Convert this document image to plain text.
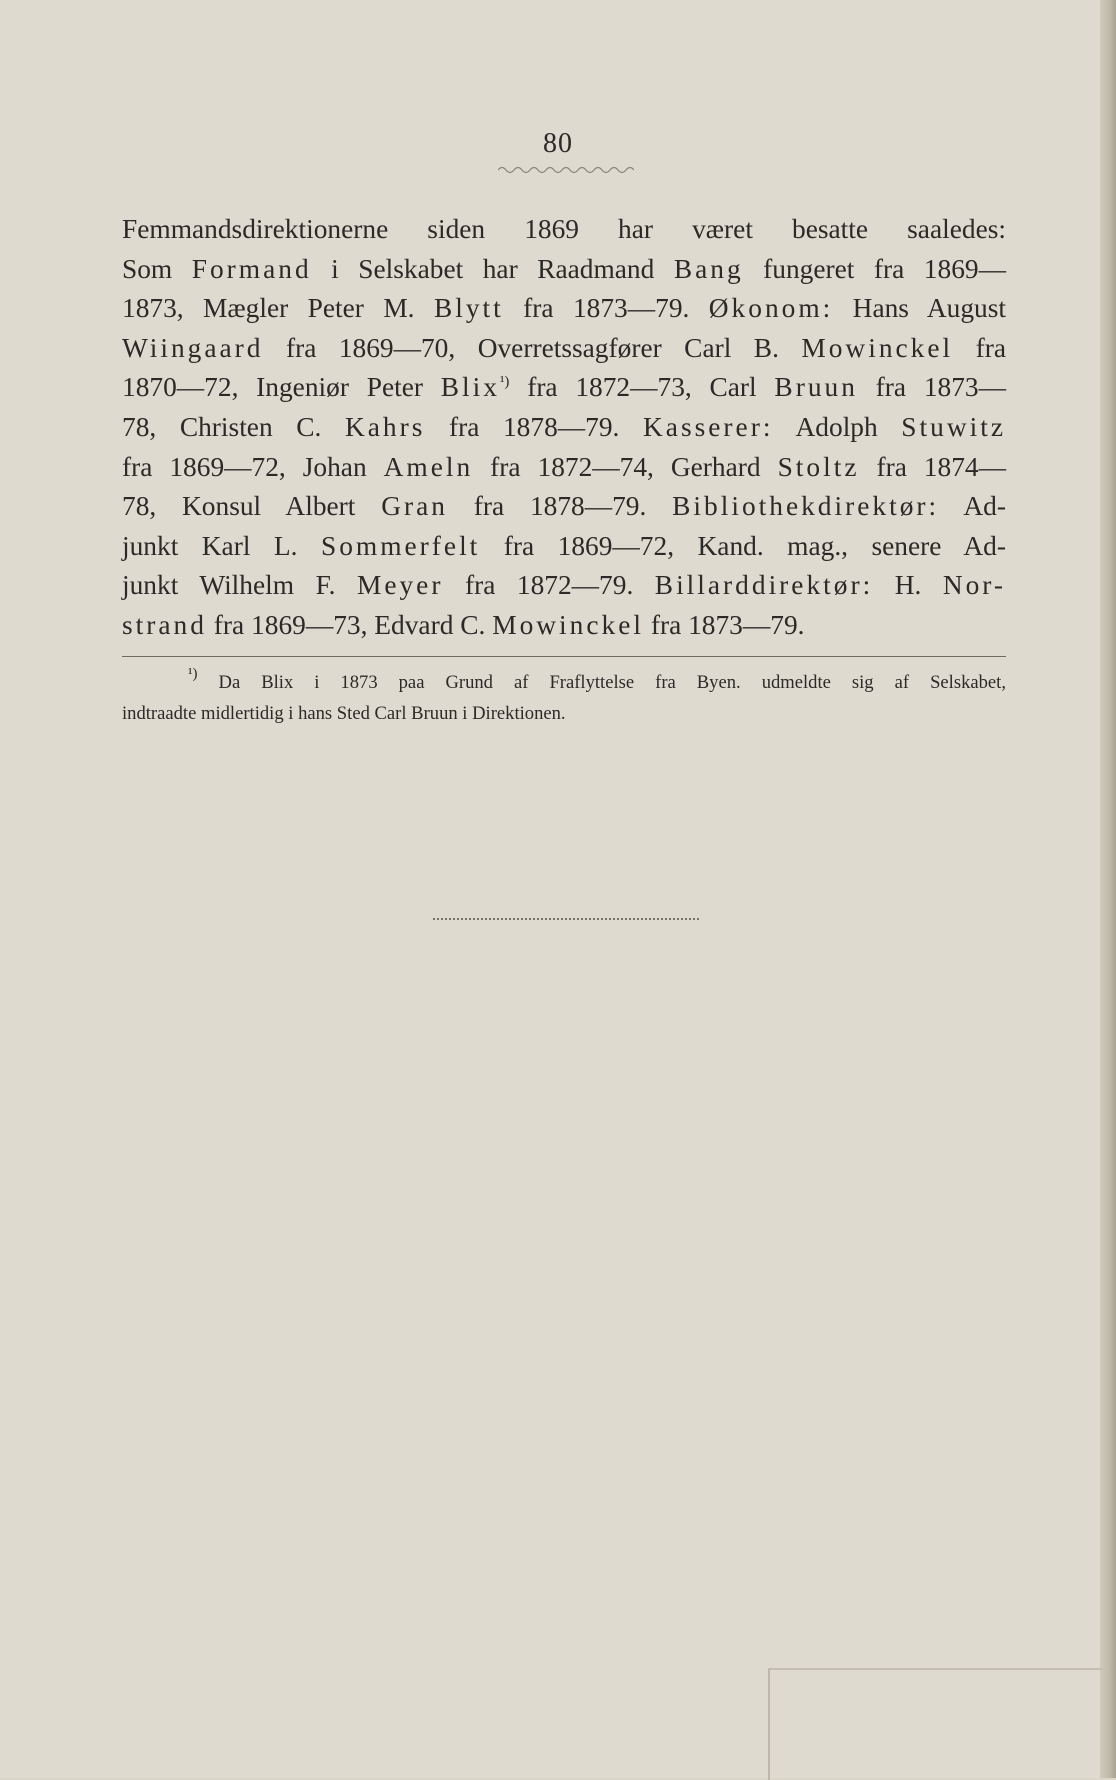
80
Femmandsdirektionerne siden 1869 har været besatte saaledes:
Som Formand i Selskabet har Raadmand Bang fungeret fra 1869—
1873, Mægler Peter M. Blytt fra 1873—79. Økonom: Hans August
Wiingaard fra 1869—70, Overretssagfører Carl B. Mowinckel fra
1870—72, Ingeniør Peter Blix$^{^1)}$ fra 1872—73, Carl Bruun fra 1873—
78, Christen C. Kahrs fra 1878—79. Kasserer: Adolph Stuwitz
fra 1869—72, Johan Ameln fra 1872—74, Gerhard Stoltz fra 1874—
78, Konsul Albert Gran fra 1878—79. Bibliothekdirektør: Ad-
junkt Karl L. Sommerfelt fra 1869—72, Kand. mag., senere Ad-
junkt Wilhelm F. Meyer fra 1872—79. Billarddirektør: H. Nor-
strand fra 1869—73, Edvard C. Mowinckel fra 1873—79.
$^{^1)}$ Da Blix i 1873 paa Grund af Fraflyttelse fra Byen. udmeldte sig af Selskabet,
indtraadte midlertidig i hans Sted Carl Bruun i Direktionen.
